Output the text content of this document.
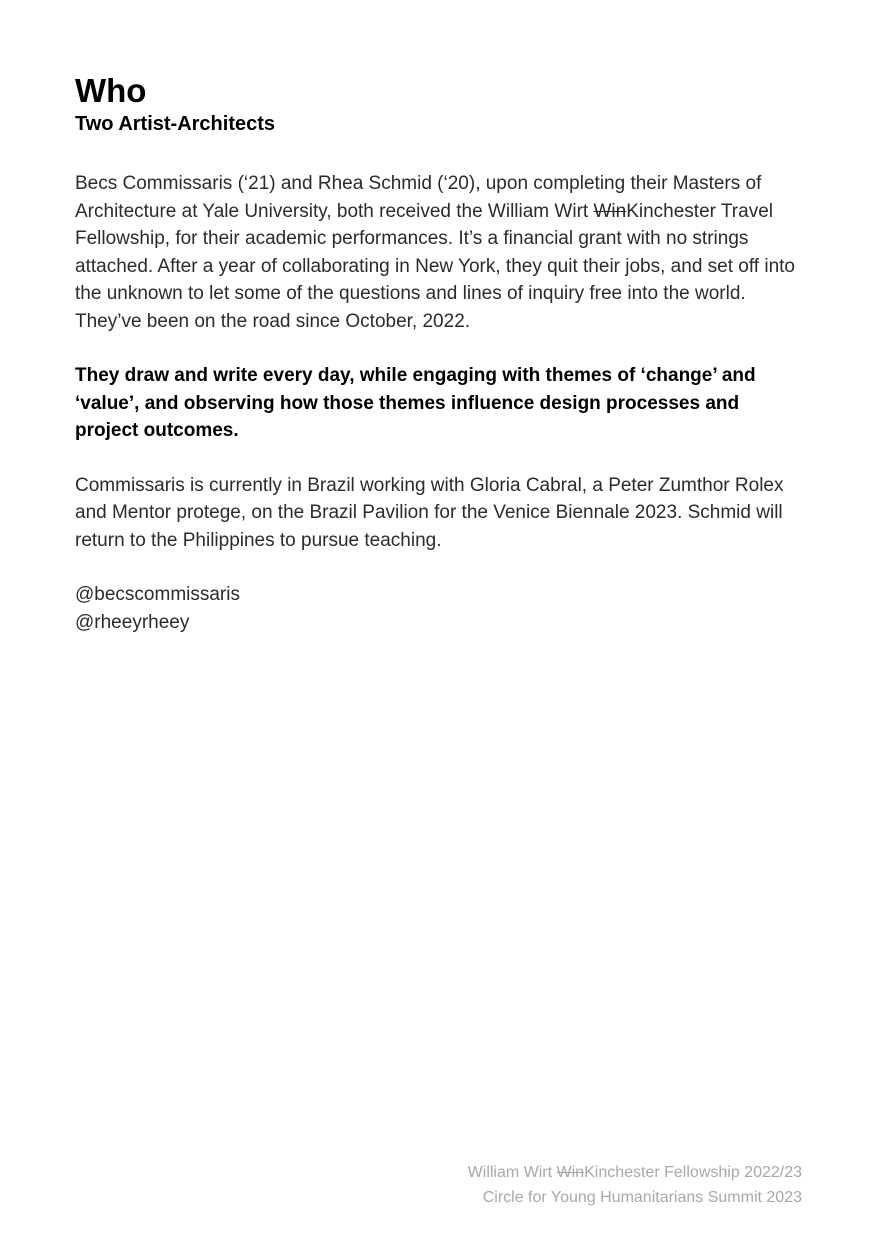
Who
Two Artist-Architects

Becs Commissaris (‘21) and Rhea Schmid (‘20), upon completing their Masters of Architecture at Yale University, both received the William Wirt WinKinchester Travel Fellowship, for their academic performances. It’s a financial grant with no strings attached. After a year of collaborating in New York, they quit their jobs, and set off into the unknown to let some of the questions and lines of inquiry free into the world. They’ve been on the road since October, 2022.

They draw and write every day, while engaging with themes of ‘change’ and ‘value’, and observing how those themes influence design processes and project outcomes.

Commissaris is currently in Brazil working with Gloria Cabral, a Peter Zumthor Rolex and Mentor protege, on the Brazil Pavilion for the Venice Biennale 2023. Schmid will return to the Philippines to pursue teaching.

@becscommissaris
@rheeyrheey

William Wirt WinKinchester Fellowship 2022/23
Circle for Young Humanitarians Summit 2023
